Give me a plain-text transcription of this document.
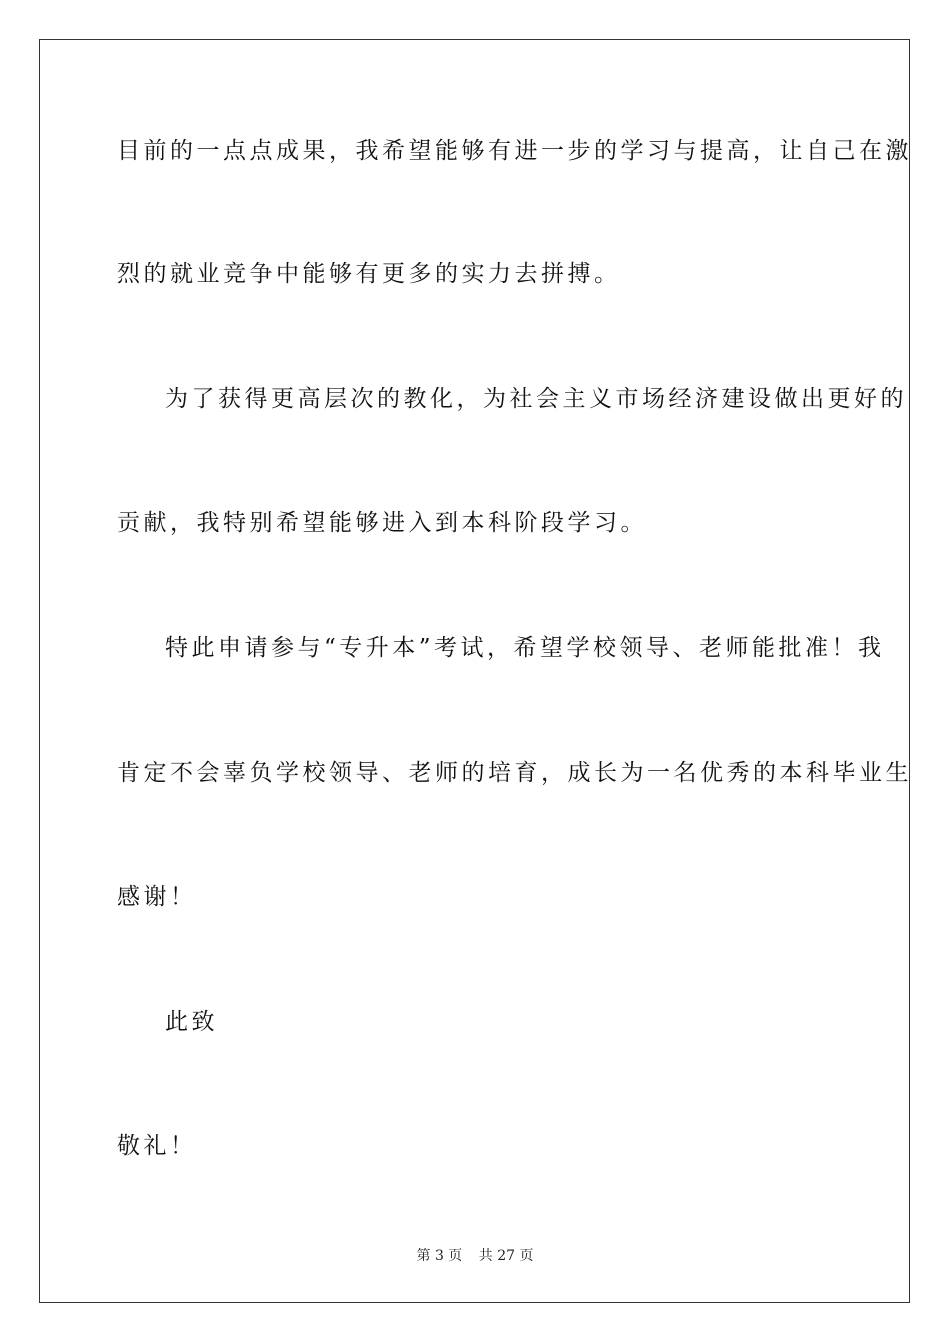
目前的一点点成果，我希望能够有进一步的学习与提高，让自己在激
烈的就业竞争中能够有更多的实力去拼搏。
为了获得更高层次的教化，为社会主义市场经济建设做出更好的
贡献，我特别希望能够进入到本科阶段学习。
特此申请参与“专升本”考试，希望学校领导、老师能批准！我
肯定不会辜负学校领导、老师的培育，成长为一名优秀的本科毕业生
感谢！
此致
敬礼！
第 3 页 共 27 页
